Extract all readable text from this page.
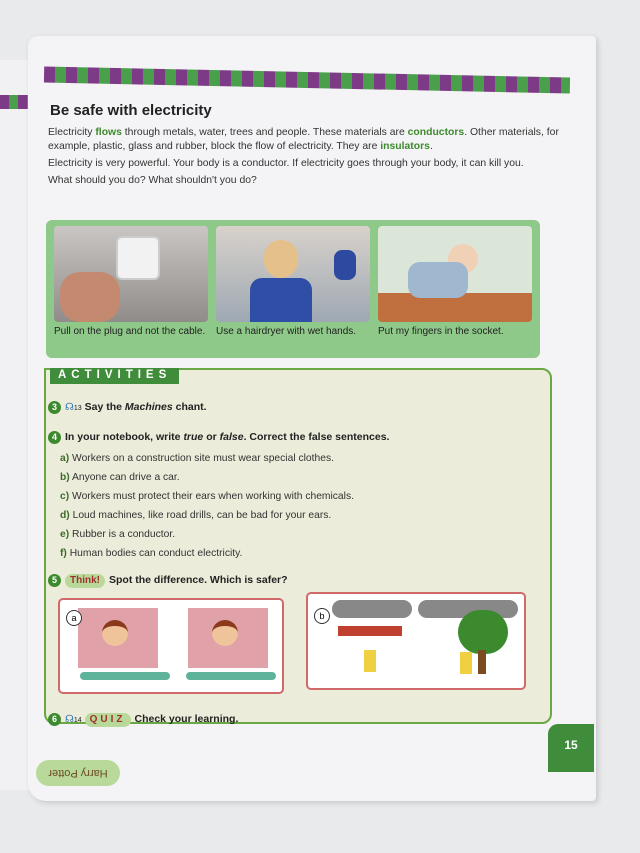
Be safe with electricity

Electricity flows through metals, water, trees and people. These materials are conductors. Other materials, for example, plastic, glass and rubber, block the flow of electricity. They are insulators.

Electricity is very powerful. Your body is a conductor. If electricity goes through your body, it can kill you.

What should you do? What shouldn't you do?

Pull on the plug and not the cable.	Use a hairdryer with wet hands.	Put my fingers in the socket.
ACTIVITIES
3 ☊13 Say the Machines chant.
4 In your notebook, write true or false. Correct the false sentences.
a) Workers on a construction site must wear special clothes.
b) Anyone can drive a car.
c) Workers must protect their ears when working with chemicals.
d) Loud machines, like road drills, can be bad for your ears.
e) Rubber is a conductor.
f) Human bodies can conduct electricity.
5 Think! Spot the difference. Which is safer?
a	b
6 ☊14 QUIZ Check your learning.
15
Harry Potter
